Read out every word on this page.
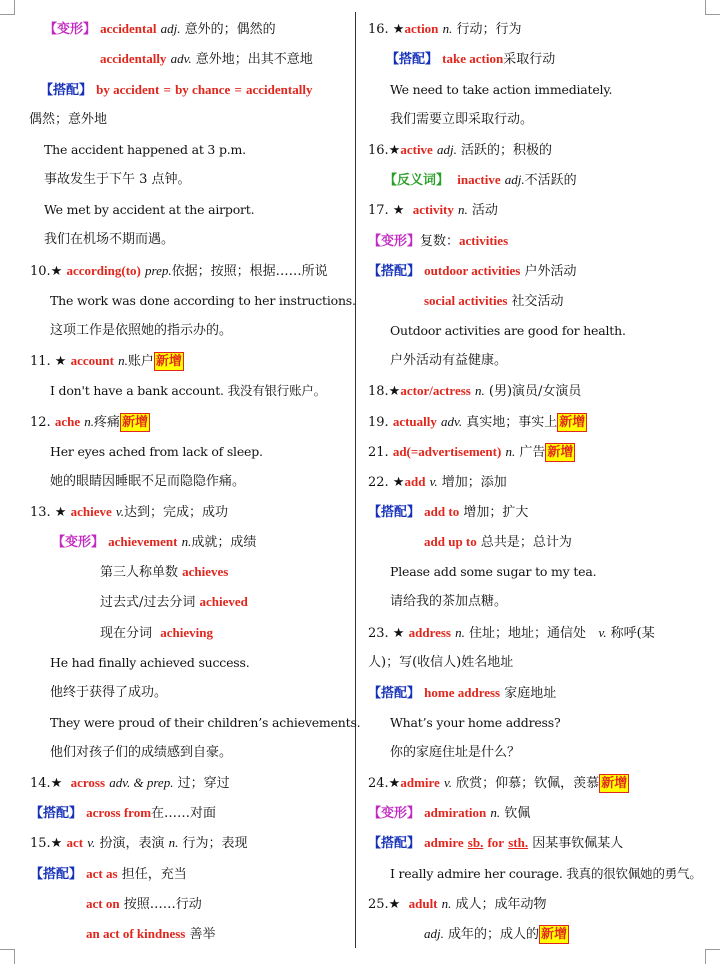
【变形】 accidental adj. 意外的；偶然的
accidentally adv. 意外地；出其不意地
【搭配】 by accident = by chance = accidentally
偶然；意外地
The accident happened at 3 p.m.
事故发生于下午 3 点钟。
We met by accident at the airport.
我们在机场不期而遇。
10.★ according(to) prep.依据；按照；根据……所说
The work was done according to her instructions.
这项工作是依照她的指示办的。
11. ★ account n.账户 新增
I don't have a bank account. 我没有银行账户。
12. ache n.疼痛 新增
Her eyes ached from lack of sleep.
她的眼睛因睡眠不足而隐隐作痛。
13. ★ achieve v.达到；完成；成功
【变形】 achievement n.成就；成绩
第三人称单数 achieves
过去式/过去分词 achieved
现在分词 achieving
He had finally achieved success.
他终于获得了成功。
They were proud of their children’s achievements.
他们对孩子们的成绩感到自豪。
14.★ across adv. & prep. 过；穿过
【搭配】 across from在……对面
15.★ act v. 扮演，表演 n. 行为；表现
【搭配】 act as 担任，充当
act on 按照……行动
an act of kindness 善举
16. ★action n. 行动；行为
【搭配】 take action采取行动
We need to take action immediately.
我们需要立即采取行动。
16.★active adj. 活跃的；积极的
【反义词】 inactive adj.不活跃的
17. ★ activity n. 活动
【变形】复数：activities
【搭配】 outdoor activities 户外活动
social activities 社交活动
Outdoor activities are good for health.
户外活动有益健康。
18.★actor/actress n. (男)演员/女演员
19. actually adv. 真实地；事实上 新增
21. ad(=advertisement) n. 广告 新增
22. ★add v. 增加；添加
【搭配】 add to 增加；扩大
add up to 总共是；总计为
Please add some sugar to my tea.
请给我的茶加点糖。
23. ★ address n. 住址；地址；通信处 v. 称呼(某
人)；写(收信人)姓名地址
【搭配】 home address 家庭地址
What’s your home address?
你的家庭住址是什么？
24.★admire v. 欣赏；仰慕；钦佩，羡慕 新增
【变形】 admiration n. 钦佩
【搭配】 admire sb. for sth. 因某事钦佩某人
I really admire her courage. 我真的很钦佩她的勇气。
25.★ adult n. 成人；成年动物
adj. 成年的；成人的 新增
